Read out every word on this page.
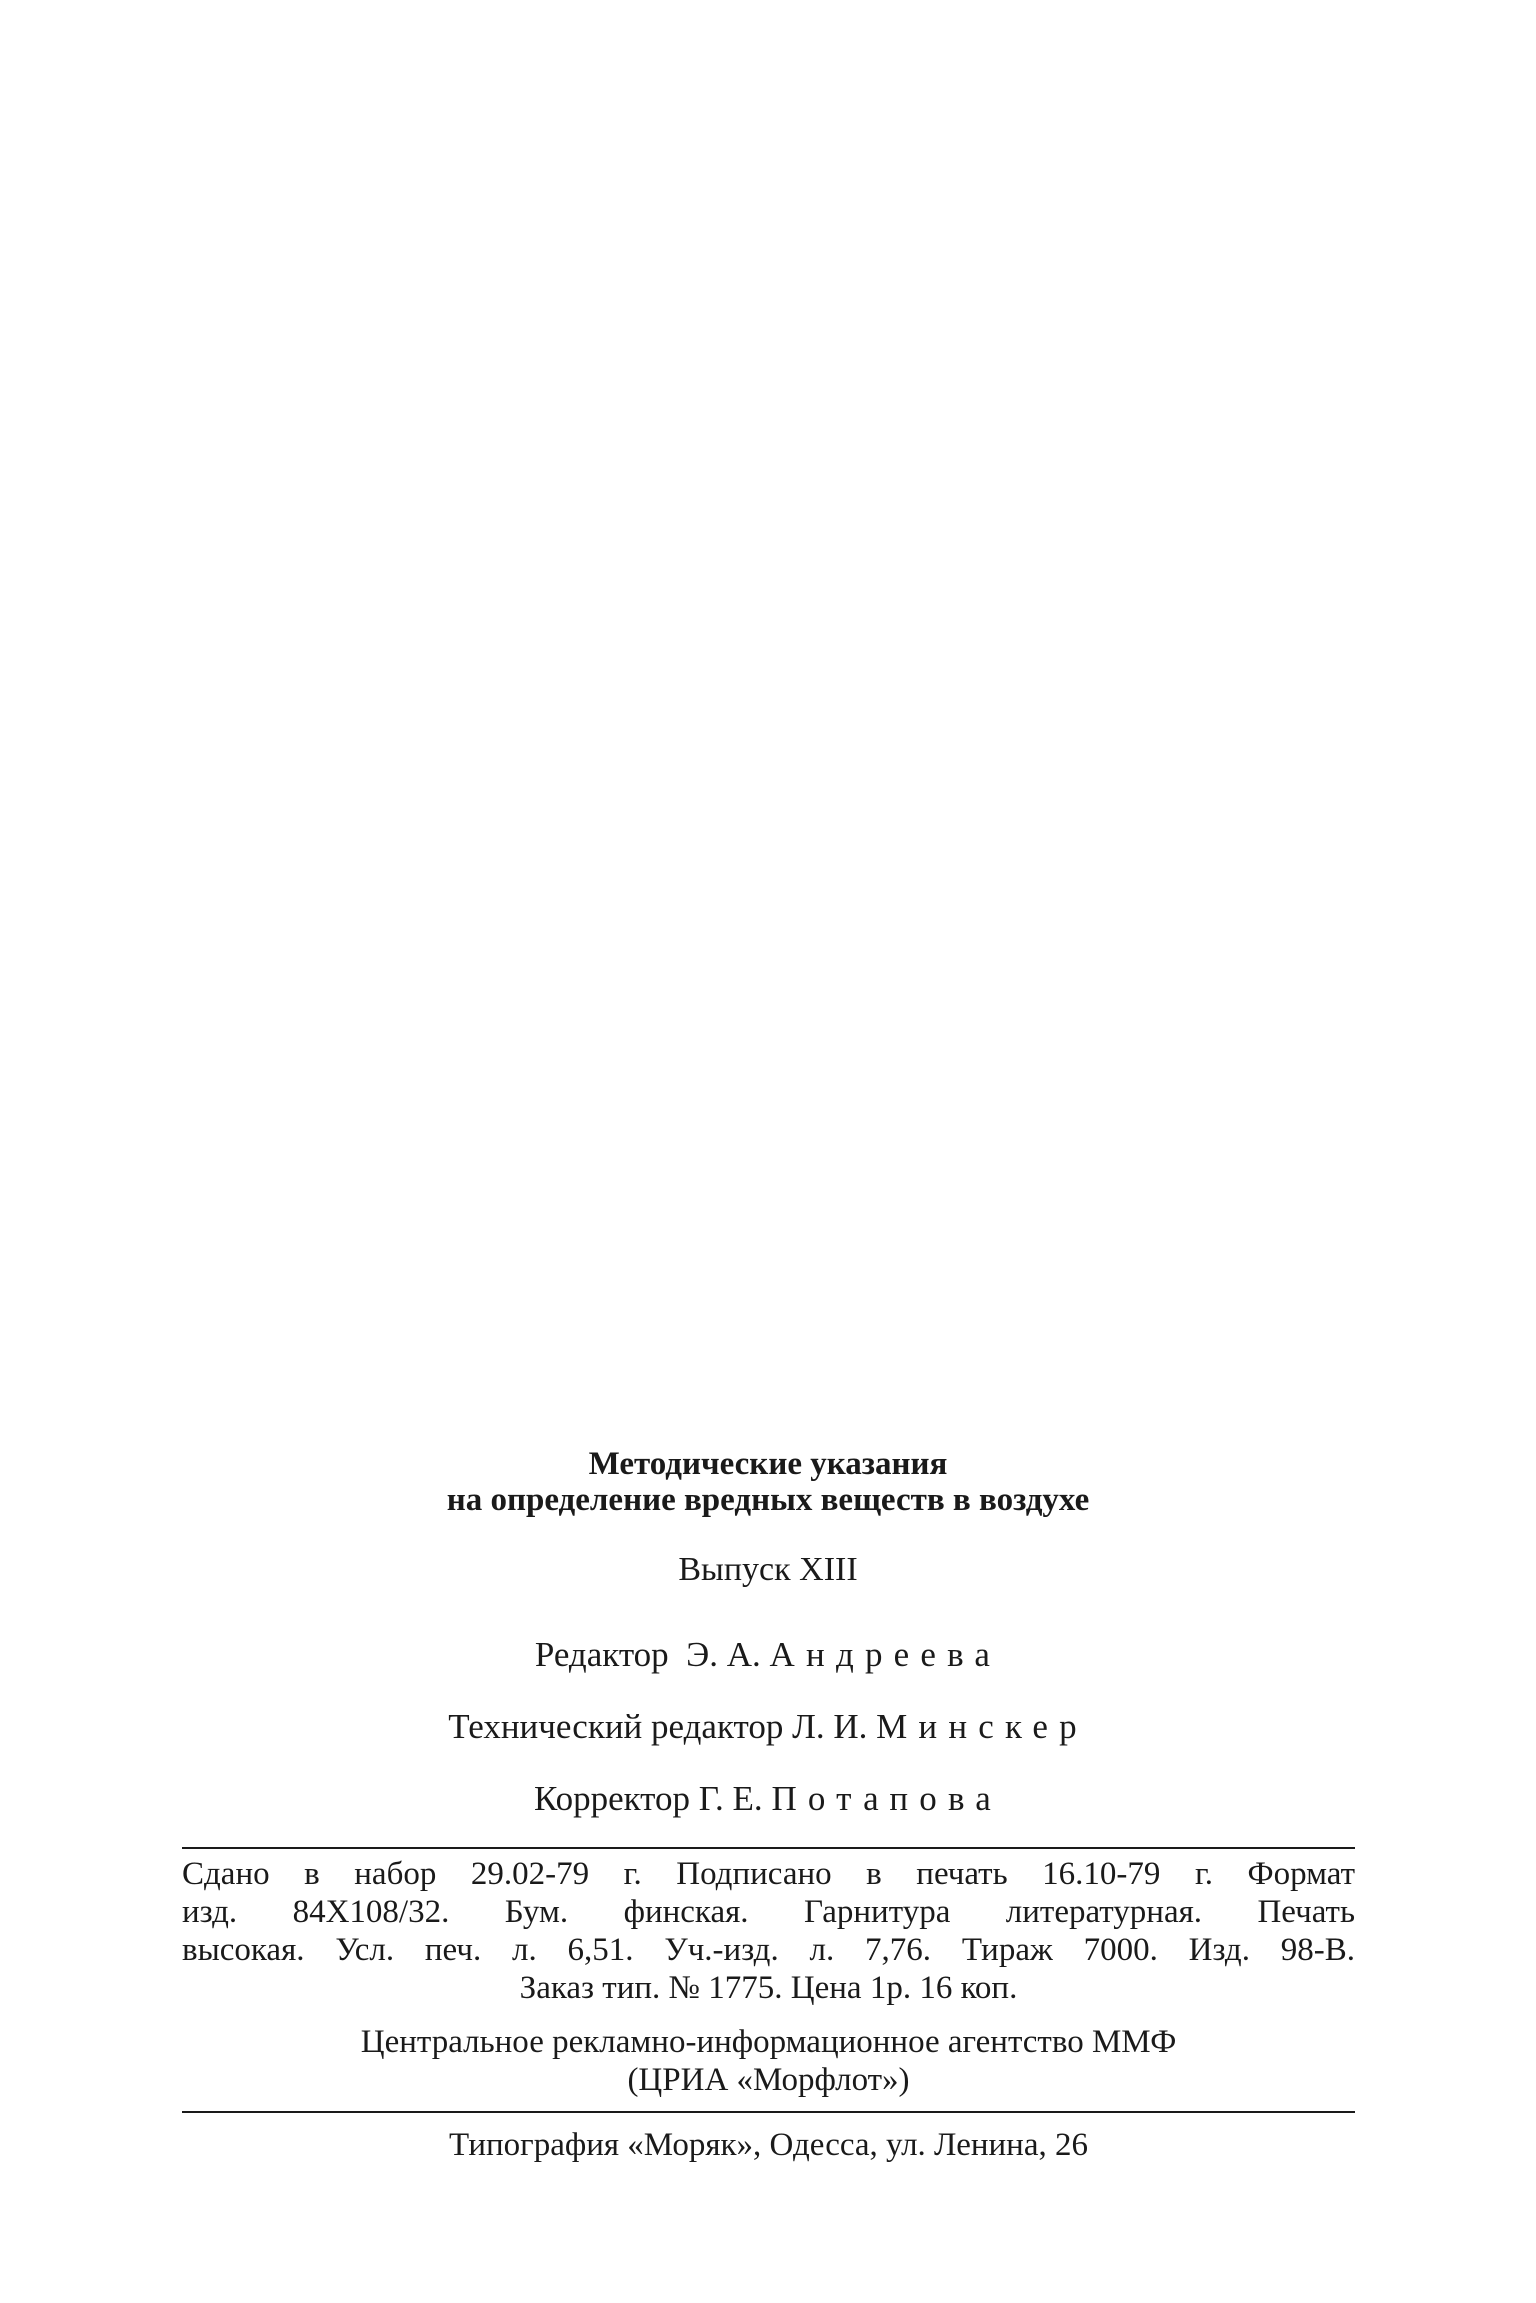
Методические указания
на определение вредных веществ в воздухе
Выпуск XIII
Редактор Э. А. Андреева
Технический редактор Л. И. Минскер
Корректор Г. Е. Потапова
Сдано в набор 29.02-79 г. Подписано в печать 16.10-79 г. Формат
изд. 84Х108/32. Бум. финская. Гарнитура литературная. Печать
высокая. Усл. печ. л. 6,51. Уч.-изд. л. 7,76. Тираж 7000. Изд. 98-В.
Заказ тип. № 1775. Цена 1р. 16 коп.
Центральное рекламно-информационное агентство ММФ
(ЦРИА «Морфлот»)
Типография «Моряк», Одесса, ул. Ленина, 26
